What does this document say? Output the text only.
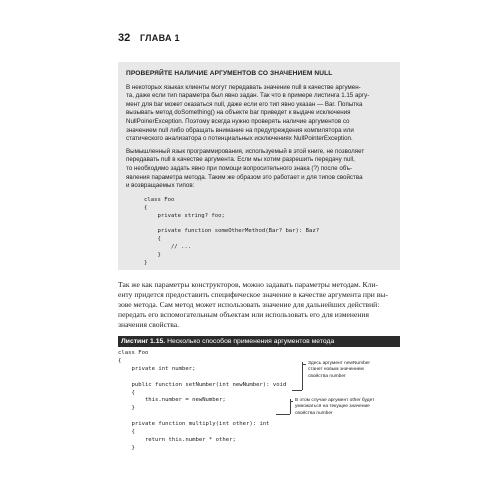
32 ГЛАВА 1
ПРОВЕРЯЙТЕ НАЛИЧИЕ АРГУМЕНТОВ СО ЗНАЧЕНИЕМ NULL

В некоторых языках клиенты могут передавать значение null в качестве аргумен-
та, даже если тип параметра был явно задан. Так что в примере листинга 1.15 аргу-
мент для bar может оказаться null, даже если его тип явно указан — Bar. Попытка
вызывать метод doSomething() на объекте bar приведет к выдаче исключения
NullPoinerException. Поэтому всегда нужно проверять наличие аргументов со
значением null либо обращать внимание на предупреждения компилятора или
статического анализатора о потенциальных исключениях NullPointerException.

Вымышленный язык программирования, используемый в этой книге, не позволяет
передавать null в качестве аргумента. Если мы хотим разрешить передачу null,
то необходимо задать явно при помощи вопросительного знака (?) после объ-
явления параметра метода. Таким же образом это работает и для типов свойства
и возвращаемых типов:

class Foo
{
private string? foo;

private function someOtherMethod(Bar? bar): Baz?
{
// ...
}
}
Так же как параметры конструкторов, можно задавать параметры методам. Кли-
енту придется предоставить специфическое значение в качестве аргумента при вы-
зове метода. Сам метод может использовать значение для дальнейших действий:
передать его вспомогательным объектам или использовать его для изменения
значения свойства.
Листинг 1.15. Несколько способов применения аргументов метода
class Foo
{
private int number;

public function setNumber(int newNumber): void
{
this.number = newNumber;
}

private function multiply(int other): int
{
return this.number * other;
}
Здесь аргумент newNumber
станет новым значением
свойства number
В этом случае аргумент other будет
умножаться на текущее значение
свойства number
